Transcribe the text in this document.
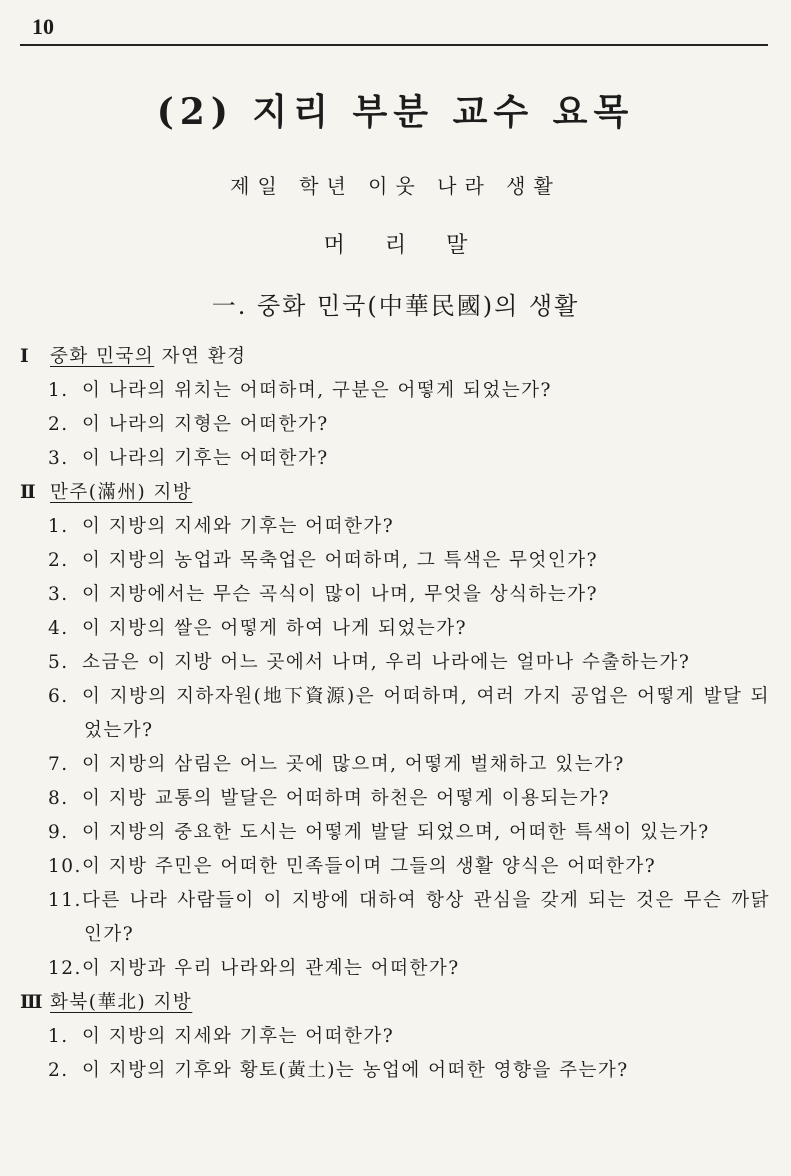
10
(2) 지리 부분 교수 요목
제일 학년 이웃 나라 생활
머리말
一. 중화 민국(中華民國)의 생활
Ⅰ 중화 민국의 자연 환경
1. 이 나라의 위치는 어떠하며, 구분은 어떻게 되었는가?
2. 이 나라의 지형은 어떠한가?
3. 이 나라의 기후는 어떠한가?
Ⅱ 만주(滿州) 지방
1. 이 지방의 지세와 기후는 어떠한가?
2. 이 지방의 농업과 목축업은 어떠하며, 그 특색은 무엇인가?
3. 이 지방에서는 무슨 곡식이 많이 나며, 무엇을 상식하는가?
4. 이 지방의 쌀은 어떻게 하여 나게 되었는가?
5. 소금은 이 지방 어느 곳에서 나며, 우리 나라에는 얼마나 수출하는가?
6. 이 지방의 지하자원(地下資源)은 어떠하며, 여러 가지 공업은 어떻게 발달 되었는가?
7. 이 지방의 삼림은 어느 곳에 많으며, 어떻게 벌채하고 있는가?
8. 이 지방 교통의 발달은 어떠하며 하천은 어떻게 이용되는가?
9. 이 지방의 중요한 도시는 어떻게 발달 되었으며, 어떠한 특색이 있는가?
10.이 지방 주민은 어떠한 민족들이며 그들의 생활 양식은 어떠한가?
11.다른 나라 사람들이 이 지방에 대하여 항상 관심을 갖게 되는 것은 무슨 까닭인가?
12.이 지방과 우리 나라와의 관계는 어떠한가?
Ⅲ 화북(華北) 지방
1. 이 지방의 지세와 기후는 어떠한가?
2. 이 지방의 기후와 황토(黃土)는 농업에 어떠한 영향을 주는가?
